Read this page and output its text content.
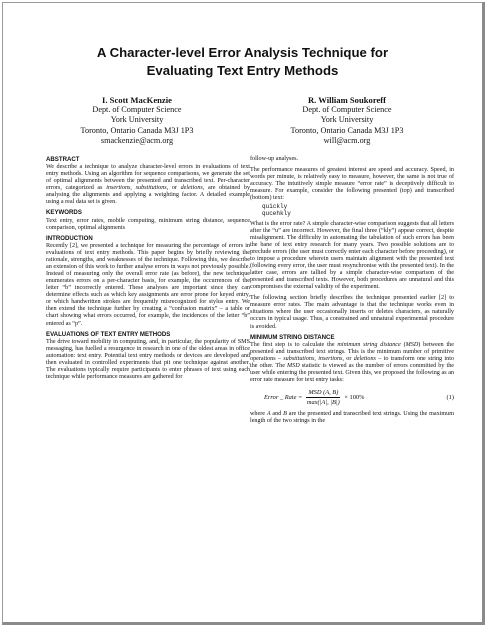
A Character-level Error Analysis Technique for
Evaluating Text Entry Methods
I. Scott MacKenzie
Dept. of Computer Science
York University
Toronto, Ontario Canada M3J 1P3
smackenzie@acm.org
R. William Soukoreff
Dept. of Computer Science
York University
Toronto, Ontario Canada M3J 1P3
will@acm.org
ABSTRACT

We describe a technique to analyze character-level errors in evaluations of text entry methods. Using an algorithm for sequence comparisons, we generate the set of optimal alignments between the presented and transcribed text. Per-character errors, categorized as insertions, substitutions, or deletions, are obtained by analysing the alignments and applying a weighting factor. A detailed example using a real data set is given.

KEYWORDS

Text entry, error rates, mobile computing, minimum string distance, sequence comparison, optimal alignments

INTRODUCTION

Recently [2], we presented a technique for measuring the percentage of errors in evaluations of text entry methods. This paper begins by briefly reviewing the rationale, strengths, and weaknesses of the technique. Following this, we describe an extension of this work to further analyse errors in ways not previously possible. Instead of measuring only the overall error rate (as before), the new technique enumerates errors on a per-character basis, for example, the occurrences of the letter “b” incorrectly entered. These analyses are important since they can determine effects such as which key assignments are error prone for keyed entry, or which handwritten strokes are frequently misrecognized for stylus entry. We then extend the technique further by creating a “confusion matrix” – a table or chart showing what errors occurred, for example, the incidences of the letter “b” entered as “p”.

EVALUATIONS OF TEXT ENTRY METHODS

The drive toward mobility in computing, and, in particular, the popularity of SMS messaging, has fuelled a resurgence in research in one of the oldest areas in office automation: text entry. Potential text entry methods or devices are developed and then evaluated in controlled experiments that pit one technique against another. The evaluations typically require participants to enter phrases of text using each technique while performance measures are gathered for

follow-up analyses.

The performance measures of greatest interest are speed and accuracy. Speed, in words per minute, is relatively easy to measure, however, the same is not true of accuracy. The intuitively simple measure “error rate” is deceptively difficult to measure. For example, consider the following presented (top) and transcribed (bottom) text:

quickly
qucehkly

What is the error rate? A simple character-wise comparison suggests that all letters after the “u” are incorrect. However, the final three (“kly”) appear correct, despite misalignment. The difficulty in automating the tabulation of such errors has been the bane of text entry research for many years. Two possible solutions are to preclude errors (the user must correctly enter each character before proceeding), or to impose a procedure wherein users maintain alignment with the presented text (following every error, the user must resynchronise with the presented text). In the latter case, errors are tallied by a simple character-wise comparison of the presented and transcribed texts. However, both procedures are unnatural and this compromises the external validity of the experiment.

The following section briefly describes the technique presented earlier [2] to measure error rates. The main advantage is that the technique works even in situations where the user occasionally inserts or deletes characters, as naturally occurs in typical usage. Thus, a constrained and unnatural experimental procedure is avoided.

MINIMUM STRING DISTANCE

The first step is to calculate the minimum string distance (MSD) between the presented and transcribed text strings. This is the minimum number of primitive operations – substitutions, insertions, or deletions – to transform one string into the other. The MSD statistic is viewed as the number of errors committed by the user while entering the presented text. Given this, we proposed the following as an error rate measure for text entry tasks:

Error _ Rate = $\frac{\text{MSD (A, B)}}{\max(|A|, |B|)} \times 100\%$	(1)

where A and B are the presented and transcribed text strings. Using the maximum length of the two strings in the
